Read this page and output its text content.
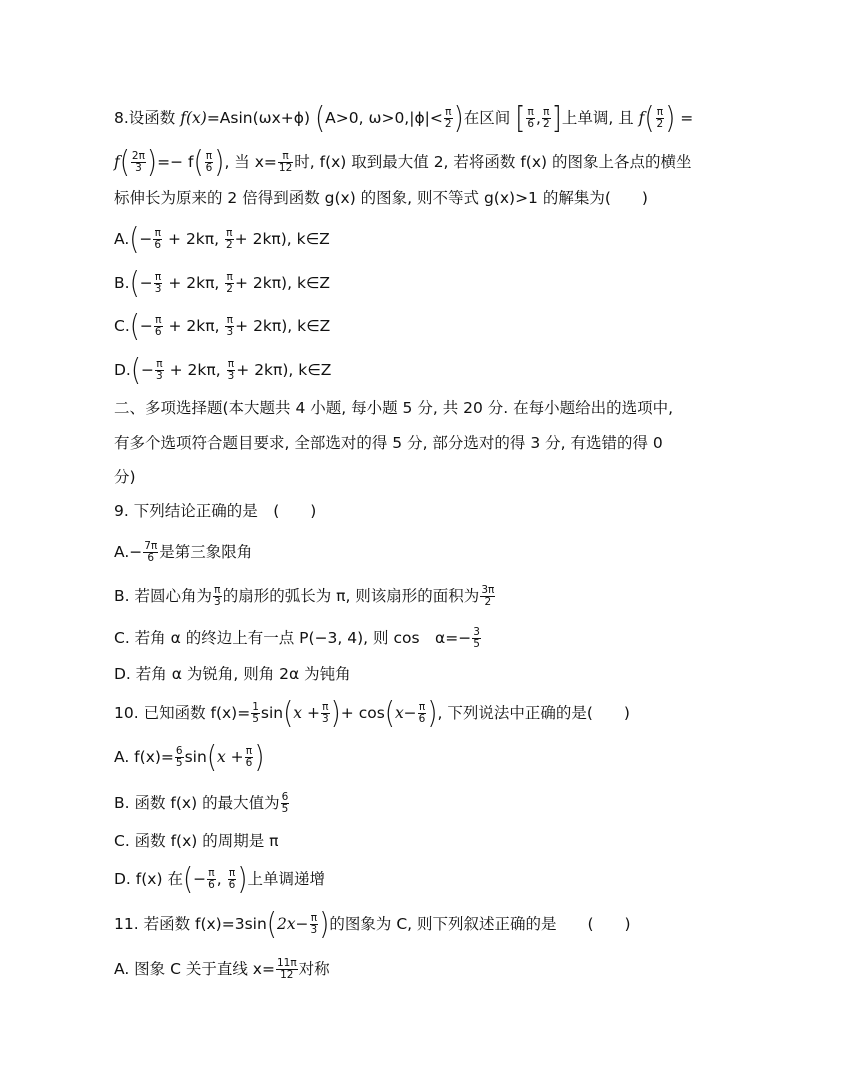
8.设函数 f(x)=Asin(ωx+ϕ) (A>0, $\omega>0,|\phi|< \frac{\pi}{2}$ )在区间 [ $\frac{\pi}{6}$ , $\frac{\pi}{2}$ ]上单调, 且 $f( \frac{\pi}{2}$ ) =
$f( \frac{2\pi}{3}$ )=− $f( \frac{\pi}{6}$ ), 当 $x= \frac{\pi}{12}$ 时, f(x) 取到最大值 2, 若将函数 f(x) 的图象上各点的横坐
标伸长为原来的 2 倍得到函数 g(x) 的图象, 则不等式 g(x)>1 的解集为(　　)
$A.(- \frac{\pi}{6} + 2k\pi$, $\frac{\pi}{2} + 2k\pi$), k∈Z
$B.(- \frac{\pi}{3} + 2k\pi$, $\frac{\pi}{2} + 2k\pi$), k∈Z
$C.(- \frac{\pi}{6} + 2k\pi$, $\frac{\pi}{3} + 2k\pi$), k∈Z
$D.(- \frac{\pi}{3} + 2k\pi$, $\frac{\pi}{3} + 2k\pi$), k∈Z
二、多项选择题(本大题共 4 小题, 每小题 5 分, 共 20 分. 在每小题给出的选项中,
有多个选项符合题目要求, 全部选对的得 5 分, 部分选对的得 3 分, 有选错的得 0
分)
9. 下列结论正确的是　(　　)
$A.- \frac{7\pi}{6}$ 是第三象限角
B. 若圆心角为 $\frac{\pi}{3}$ 的扇形的弧长为 π, 则该扇形的面积为 $\frac{3\pi}{2}$
C. 若角 α 的终边上有一点 P(−3, 4), 则 cos　$\alpha=- \frac{3}{5}$
D. 若角 α 为锐角, 则角 2α 为钝角
10. 已知函数 $f(x)= \frac{1}{5} \sin(x + \frac{\pi}{3}$ )+ $\cos(x- \frac{\pi}{6}$ ), 下列说法中正确的是(　　)
A. $f(x)= \frac{6}{5} \sin(x + \frac{\pi}{6}$ )
B. 函数 f(x) 的最大值为 $\frac{6}{5}$
C. 函数 f(x) 的周期是 π
D. f(x) 在(− $\frac{\pi}{6}$ , $\frac{\pi}{6}$ )上单调递增
11. 若函数 $f(x)=3\sin(2x- \frac{\pi}{3}$ )的图象为 C, 则下列叙述正确的是　　(　　)
A. 图象 C 关于直线 $x= \frac{11\pi}{12}$ 对称
